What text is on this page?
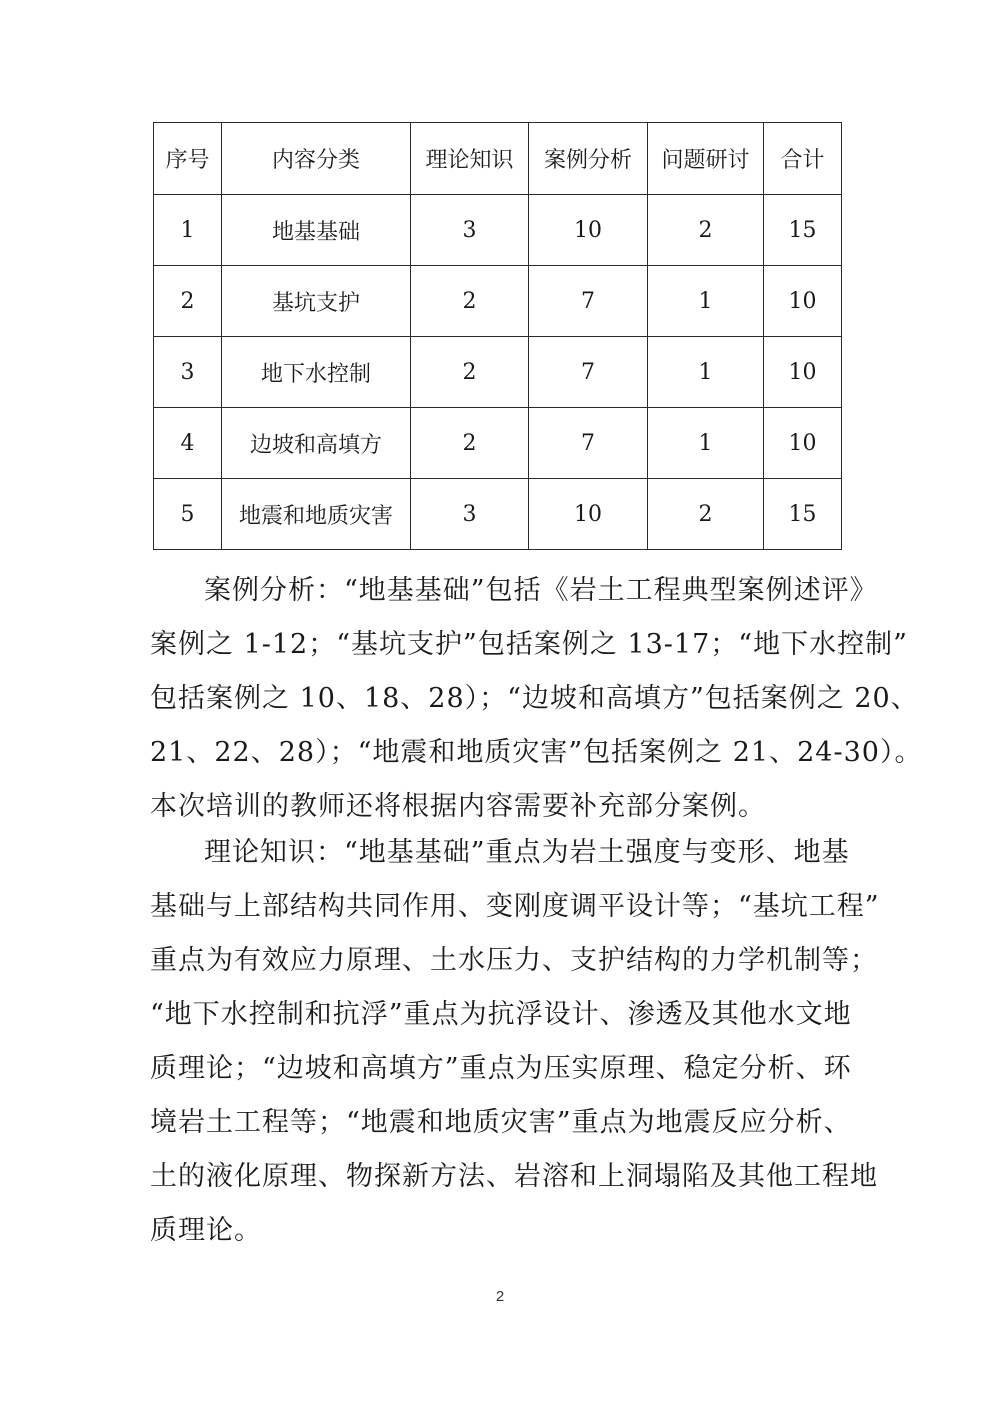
序号	内容分类	理论知识	案例分析	问题研讨	合计
1	地基基础	3	10	2	15
2	基坑支护	2	7	1	10
3	地下水控制	2	7	1	10
4	边坡和高填方	2	7	1	10
5	地震和地质灾害	3	10	2	15

案例分析：“地基基础”包括《岩土工程典型案例述评》
案例之 1-12；“基坑支护”包括案例之 13-17；“地下水控制”
包括案例之 10、18、28）；“边坡和高填方”包括案例之 20、
21、22、28）；“地震和地质灾害”包括案例之 21、24-30）。
本次培训的教师还将根据内容需要补充部分案例。

理论知识：“地基基础”重点为岩土强度与变形、地基
基础与上部结构共同作用、变刚度调平设计等；“基坑工程”
重点为有效应力原理、土水压力、支护结构的力学机制等；
“地下水控制和抗浮”重点为抗浮设计、渗透及其他水文地
质理论；“边坡和高填方”重点为压实原理、稳定分析、环
境岩土工程等；“地震和地质灾害”重点为地震反应分析、
土的液化原理、物探新方法、岩溶和上洞塌陷及其他工程地
质理论。

2
